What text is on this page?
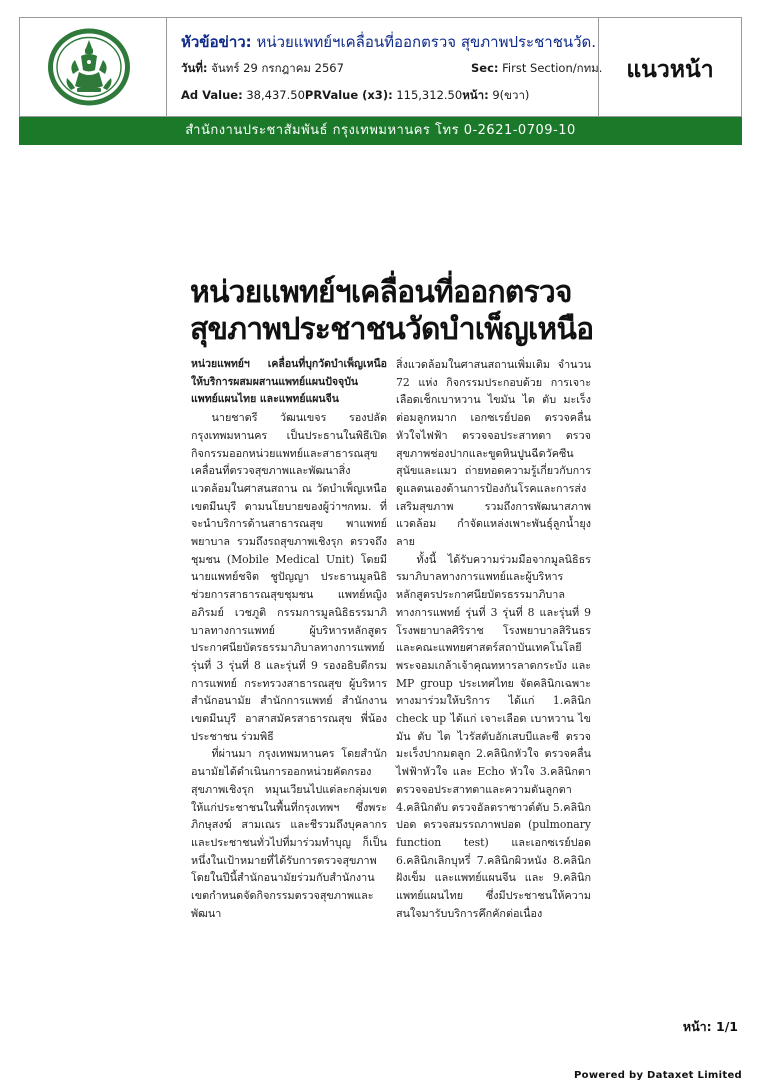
หัวข้อข่าว: หน่วยแพทย์ฯเคลื่อนที่ออกตรวจ สุขภาพประชาชนวัด.
วันที่: จันทร์ 29 กรกฎาคม 2567	Sec: First Section/กทม.
Ad Value: 38,437.50PRValue (x3): 115,312.50หน้า: 9(ขวา)
แนวหน้า
สำนักงานประชาสัมพันธ์ กรุงเทพมหานคร โทร 0-2621-0709-10
หน่วยแพทย์ฯเคลื่อนที่ออกตรวจ
สุขภาพประชาชนวัดบำเพ็ญเหนือ

หน่วยแพทย์ฯ เคลื่อนที่บุกวัดบำเพ็ญเหนือ ให้บริการผสมผสานแพทย์แผนปัจจุบัน แพทย์แผนไทย และแพทย์แผนจีน

นายชาตรี วัฒนเขจร รองปลัดกรุงเทพมหานคร เป็นประธานในพิธีเปิดกิจกรรมออกหน่วยแพทย์และสาธารณสุขเคลื่อนที่ตรวจสุขภาพและพัฒนาสิ่งแวดล้อมในศาสนสถาน ณ วัดบำเพ็ญเหนือ เขตมีนบุรี ตามนโยบายของผู้ว่าฯกทม. ที่จะนำบริการด้านสาธารณสุข พาแพทย์ พยาบาล รวมถึงรถสุขภาพเชิงรุก ตรวจถึงชุมชน (Mobile Medical Unit) โดยมีนายแพทย์ชจิต ชูปัญญา ประธานมูลนิธิช่วยการสาธารณสุขชุมชน แพทย์หญิงอภิรมย์ เวชภูติ กรรมการมูลนิธิธรรมาภิบาลทางการแพทย์ ผู้บริหารหลักสูตรประกาศนียบัตรธรรมาภิบาลทางการแพทย์ รุ่นที่ 3 รุ่นที่ 8 และรุ่นที่ 9 รองอธิบดีกรมการแพทย์ กระทรวงสาธารณสุข ผู้บริหารสำนักอนามัย สำนักการแพทย์ สำนักงานเขตมีนบุรี อาสาสมัครสาธารณสุข พี่น้องประชาชน ร่วมพิธี

ที่ผ่านมา กรุงเทพมหานคร โดยสำนักอนามัยได้ดำเนินการออกหน่วยคัดกรองสุขภาพเชิงรุก หมุนเวียนไปแต่ละกลุ่มเขต ให้แก่ประชาชนในพื้นที่กรุงเทพฯ ซึ่งพระภิกษุสงฆ์ สามเณร และชีรวมถึงบุคลากรและประชาชนทั่วไปที่มาร่วมทำบุญ ก็เป็นหนึ่งในเป้าหมายที่ได้รับการตรวจสุขภาพ โดยในปีนี้สำนักอนามัยร่วมกับสำนักงานเขตกำหนดจัดกิจกรรมตรวจสุขภาพและพัฒนา

สิ่งแวดล้อมในศาสนสถานเพิ่มเติม จำนวน 72 แห่ง กิจกรรมประกอบด้วย การเจาะเลือดเช็กเบาหวาน ไขมัน ไต ตับ มะเร็งต่อมลูกหมาก เอกซเรย์ปอด ตรวจคลื่นหัวใจไฟฟ้า ตรวจจอประสาทตา ตรวจสุขภาพช่องปากและขูดหินปูนฉีดวัคซีนสุนัขและแมว ถ่ายทอดความรู้เกี่ยวกับการดูแลตนเองด้านการป้องกันโรคและการส่งเสริมสุขภาพ รวมถึงการพัฒนาสภาพแวดล้อม กำจัดแหล่งเพาะพันธุ์ลูกน้ำยุงลาย

ทั้งนี้ ได้รับความร่วมมือจากมูลนิธิธรรมาภิบาลทางการแพทย์และผู้บริหารหลักสูตรประกาศนียบัตรธรรมาภิบาลทางการแพทย์ รุ่นที่ 3 รุ่นที่ 8 และรุ่นที่ 9 โรงพยาบาลศิริราช โรงพยาบาลสิรินธร และคณะแพทยศาสตร์สถาบันเทคโนโลยีพระจอมเกล้าเจ้าคุณทหารลาดกระบัง และ MP group ประเทศไทย จัดคลินิกเฉพาะทางมาร่วมให้บริการ ได้แก่ 1.คลินิก check up ได้แก่ เจาะเลือด เบาหวาน ไขมัน ตับ ไต ไวรัสตับอักเสบบีและซี ตรวจมะเร็งปากมดลูก 2.คลินิกหัวใจ ตรวจคลื่นไฟฟ้าหัวใจ และ Echo หัวใจ 3.คลินิกตา ตรวจจอประสาทตาและความดันลูกตา 4.คลินิกตับ ตรวจอัลตราซาวด์ตับ 5.คลินิกปอด ตรวจสมรรถภาพปอด (pulmonary function test) และเอกซเรย์ปอด 6.คลินิกเลิกบุหรี่ 7.คลินิกผิวหนัง 8.คลินิกฝังเข็ม และแพทย์แผนจีน และ 9.คลินิกแพทย์แผนไทย ซึ่งมีประชาชนให้ความสนใจมารับบริการคึกคักต่อเนื่อง

หน้า: 1/1
Powered by Dataxet Limited
